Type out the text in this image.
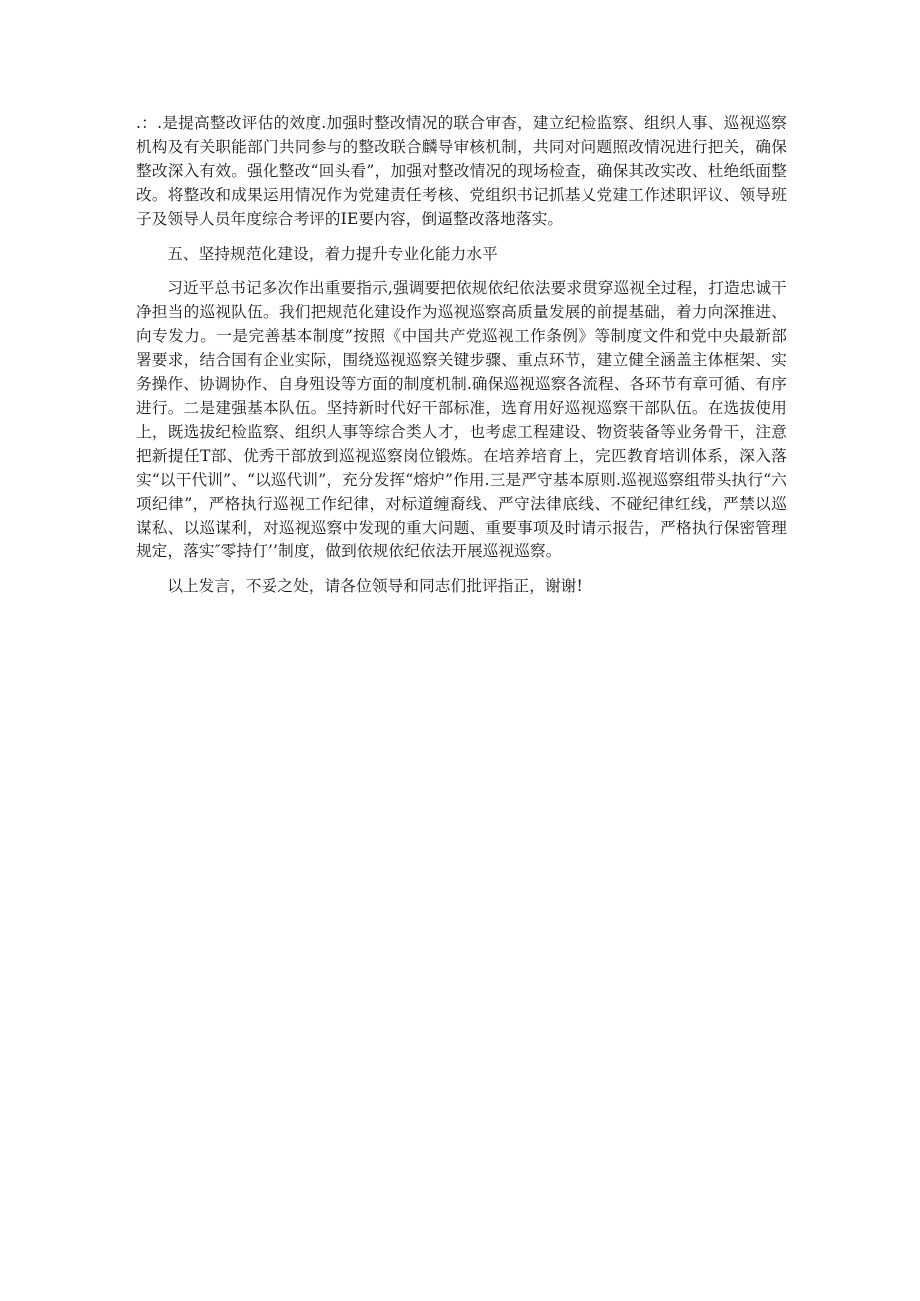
.：.是提高整改评估的效度.加强时整改情况的联合审杳，建立纪检监察、组织人事、巡视巡察机构及有关职能部门共同参与的整改联合麟导审核机制，共同对问题照改情况进行把关，确保整改深入有效。强化整改“回头看”，加强对整改情况的现场检查，确保其改实改、杜绝纸面整改。将整改和成果运用情况作为党建责任考核、党组织书记抓基乂党建工作述职评议、领导班子及领导人员年度综合考评的IE要内容，倒逼整改落地落实。

五、坚持规范化建设，着力提升专业化能力水平

习近平总书记多次作出重要指示,强调要把依规依纪依法要求贯穿巡视全过程，打造忠诚干净担当的巡视队伍。我们把规范化建设作为巡视巡察高质量发展的前提基础，着力向深推进、向专发力。一是完善基本制度”按照《中国共产党巡视工作条例》等制度文件和党中央最新部署要求，结合国有企业实际，围绕巡视巡察关键步骤、重点环节，建立健全涵盖主体框架、实务操作、协调协作、自身殂设等方面的制度机制.确保巡视巡察各流程、各环节有章可循、有序进行。二是建强基本队伍。坚持新时代好干部标准，选育用好巡视巡察干部队伍。在选拔使用上，既选拔纪检监察、组织人事等综合类人才，也考虑工程建设、物资装备等业务骨干，注意把新提任T部、优秀干部放到巡视巡察岗位锻炼。在培养培育上，完匹教育培训体系，深入落实“以干代训”、“以巡代训”，充分发挥“熔炉”作用.三是严守基本原则.巡视巡察组带头执行“六项纪律”，严格执行巡视工作纪律，对标道缠裔线、严守法律底线、不碰纪律红线，严禁以巡谋私、以巡谋利，对巡视巡察中发现的重大问题、重要事项及时请示报告，严格执行保密管理规定，落实″零持仃’’制度，做到依规依纪依法开展巡视巡察。

以上发言，不妥之处，请各位领导和同志们批评指正，谢谢!
